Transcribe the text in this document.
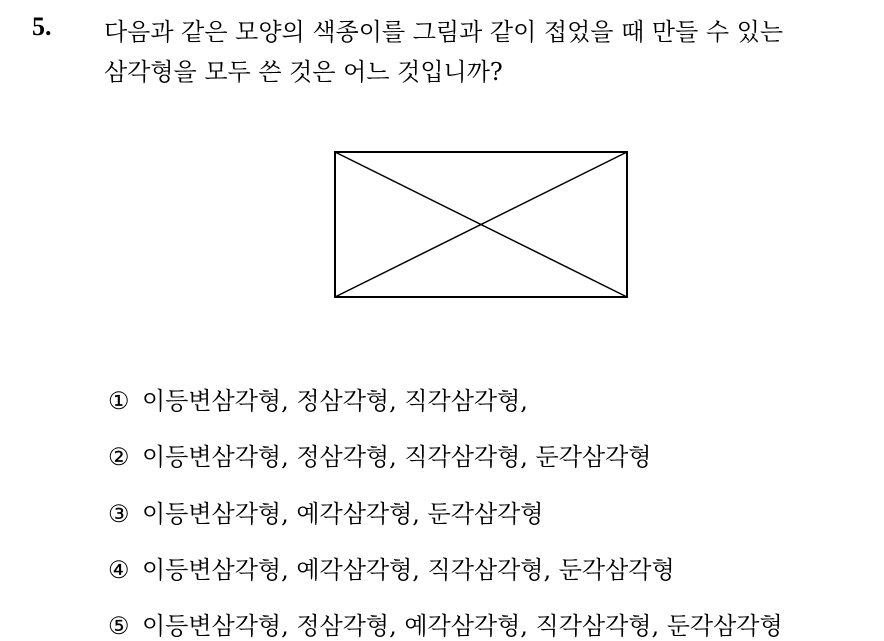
5. 다음과 같은 모양의 색종이를 그림과 같이 접었을 때 만들 수 있는
삼각형을 모두 쓴 것은 어느 것입니까?
① 이등변삼각형, 정삼각형, 직각삼각형,
② 이등변삼각형, 정삼각형, 직각삼각형, 둔각삼각형
③ 이등변삼각형, 예각삼각형, 둔각삼각형
④ 이등변삼각형, 예각삼각형, 직각삼각형, 둔각삼각형
⑤ 이등변삼각형, 정삼각형, 예각삼각형, 직각삼각형, 둔각삼각형
